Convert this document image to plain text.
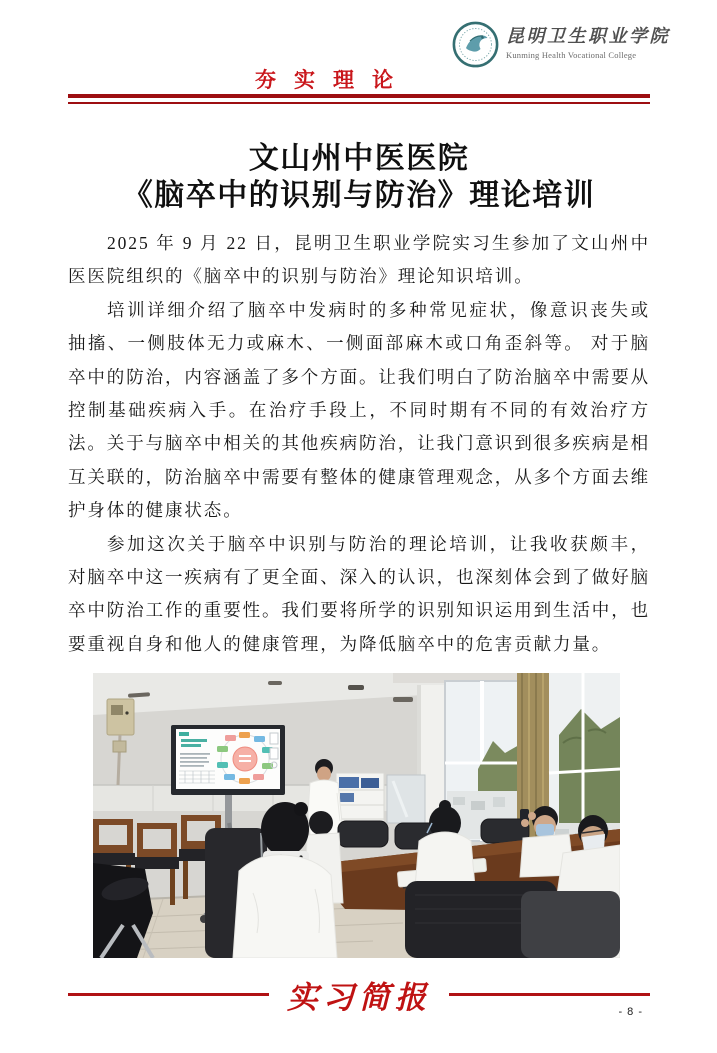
昆明卫生职业学院
Kunming Health Vocational College
夯实理论
文山州中医医院
《脑卒中的识别与防治》理论培训

2025 年 9 月 22 日，昆明卫生职业学院实习生参加了文山州中医医院组织的《脑卒中的识别与防治》理论知识培训。

培训详细介绍了脑卒中发病时的多种常见症状，像意识丧失或抽搐、一侧肢体无力或麻木、一侧面部麻木或口角歪斜等。 对于脑卒中的防治，内容涵盖了多个方面。让我们明白了防治脑卒中需要从控制基础疾病入手。在治疗手段上，不同时期有不同的有效治疗方法。关于与脑卒中相关的其他疾病防治，让我门意识到很多疾病是相互关联的，防治脑卒中需要有整体的健康管理观念，从多个方面去维护身体的健康状态。

参加这次关于脑卒中识别与防治的理论培训，让我收获颇丰，对脑卒中这一疾病有了更全面、深入的认识，也深刻体会到了做好脑卒中防治工作的重要性。我们要将所学的识别知识运用到生活中，也要重视自身和他人的健康管理，为降低脑卒中的危害贡献力量。

实习简报	- 8 -
